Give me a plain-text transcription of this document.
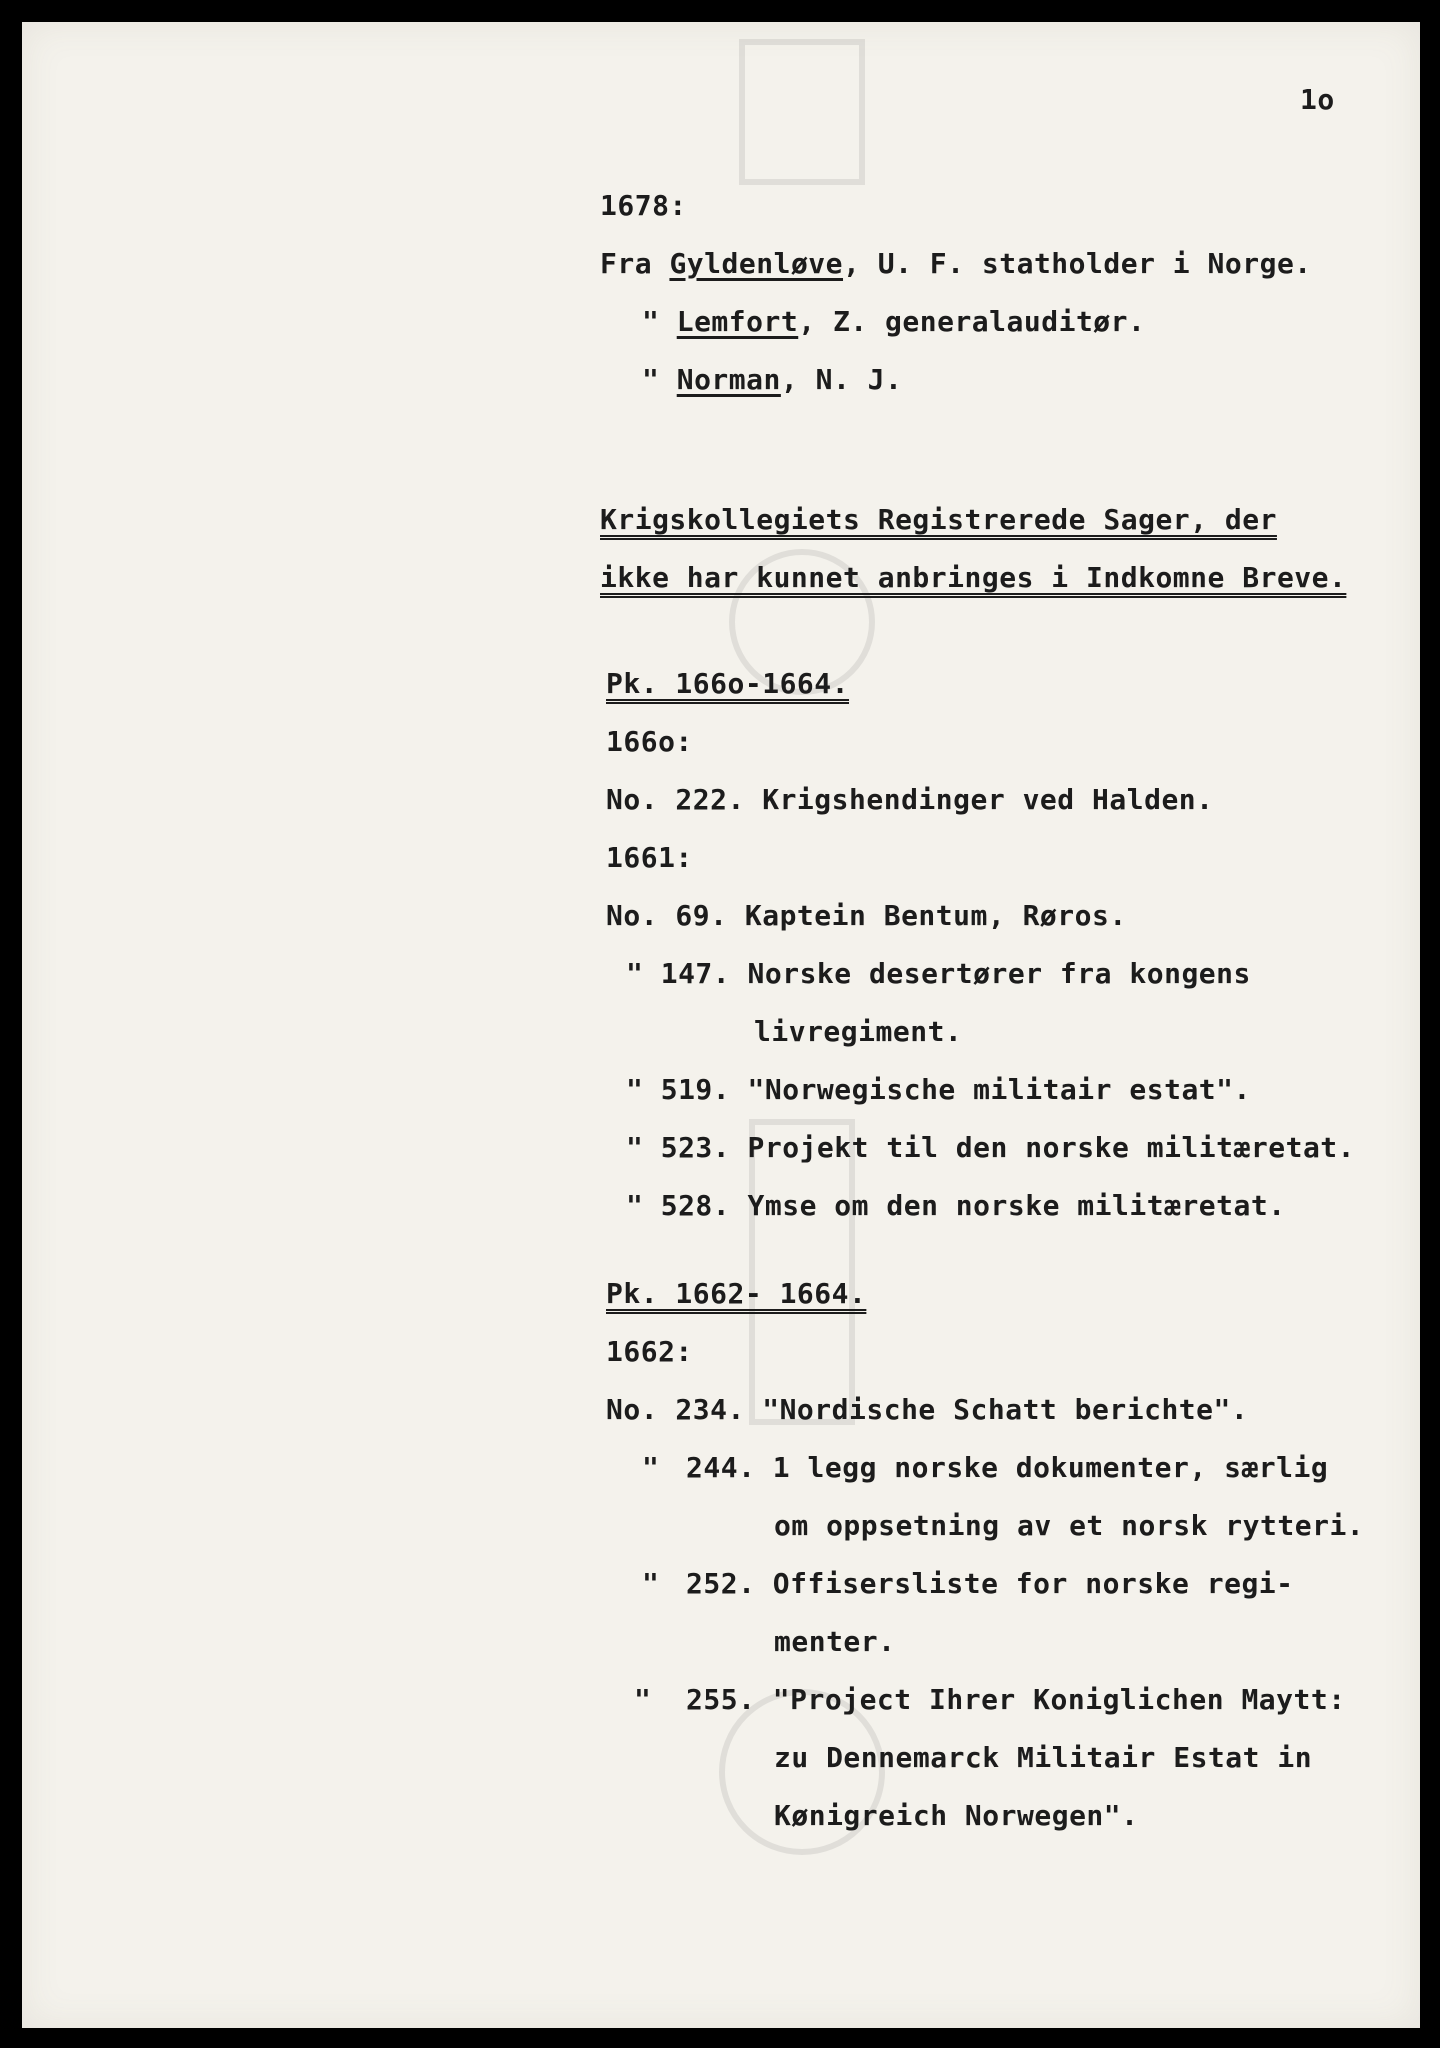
1o
1678:
Fra Gyldenløve, U. F. statholder i Norge.
" Lemfort, Z. generalauditør.
" Norman, N. J.
Krigskollegiets Registrerede Sager, der
ikke har kunnet anbringes i Indkomne Breve.
Pk. 166o-1664.
166o:
No. 222. Krigshendinger ved Halden.
1661:
No. 69. Kaptein Bentum, Røros.
" 147. Norske desertører fra kongens
livregiment.
" 519. "Norwegische militair estat".
" 523. Projekt til den norske militæretat.
" 528. Ymse om den norske militæretat.
Pk. 1662- 1664.
1662:
No. 234. "Nordische Schatt berichte".
" 244. 1 legg norske dokumenter, særlig
om oppsetning av et norsk rytteri.
" 252. Offisersliste for norske regi-
menter.
" 255. "Project Ihrer Koniglichen Maytt:
zu Dennemarck Militair Estat in
Kønigreich Norwegen".
